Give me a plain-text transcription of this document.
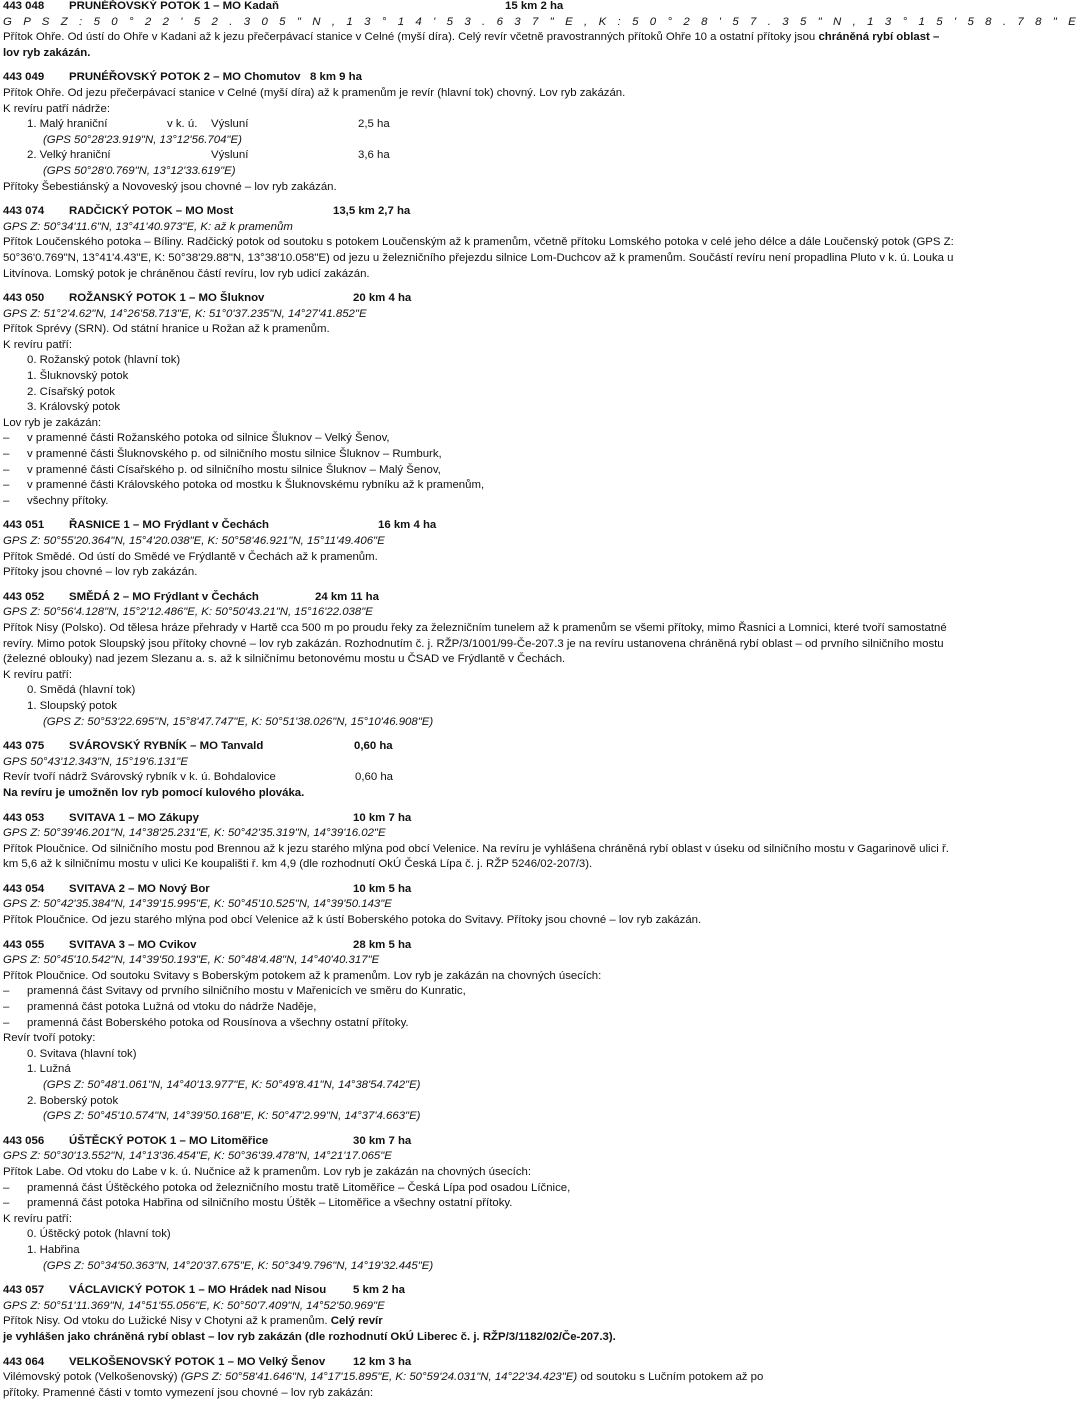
443 048 PRUNÉŘOVSKÝ POTOK 1 – MO Kadaň	15 km 2 ha
G P S Z : 5 0 ° 2 2 ' 5 2 . 3 0 5 " N , 1 3 ° 1 4 ' 5 3 . 6 3 7 " E , K : 5 0 ° 2 8 ' 5 7 . 3 5 " N , 1 3 ° 1 5 ' 5 8 . 7 8 " E
Přítok Ohře. Od ústí do Ohře v Kadani až k jezu přečerpávací stanice v Celné (myší díra). Celý revír včetně pravostranných přítoků Ohře 10 a ostatní přítoky jsou chráněná rybí oblast – lov ryb zakázán.
443 049 PRUNÉŘOVSKÝ POTOK 2 – MO Chomutov 8 km 9 ha
Přítok Ohře. Od jezu přečerpávací stanice v Celné (myší díra) až k pramenům je revír (hlavní tok) chovný. Lov ryb zakázán.
K revíru patří nádrže:
1. Malý hraniční	v k. ú. Výsluní	2,5 ha
(GPS 50°28'23.919"N, 13°12'56.704"E)
2. Velký hraniční	Výsluní	3,6 ha
(GPS 50°28'0.769"N, 13°12'33.619"E)
Přítoky Šebestiánský a Novoveský jsou chovné – lov ryb zakázán.
443 074 RADČICKÝ POTOK – MO Most	13,5 km 2,7 ha
GPS Z: 50°34'11.6"N, 13°41'40.973"E, K: až k pramenům
Přítok Loučenského potoka – Bíliny. Radčický potok od soutoku s potokem Loučenským až k pramenům, včetně přítoku Lomského potoka v celé jeho délce a dále Loučenský potok (GPS Z: 50°36'0.769"N, 13°41'4.43"E, K: 50°38'29.88"N, 13°38'10.058"E) od jezu u železničního přejezdu silnice Lom-Duchcov až k pramenům. Součástí revíru není propadlina Pluto v k. ú. Louka u Litvínova. Lomský potok je chráněnou částí revíru, lov ryb udicí zakázán.
443 050 ROŽANSKÝ POTOK 1 – MO Šluknov	20 km 4 ha
GPS Z: 51°2'4.62"N, 14°26'58.713"E, K: 51°0'37.235"N, 14°27'41.852"E
Přítok Sprévy (SRN). Od státní hranice u Rožan až k pramenům.
K revíru patří:
0. Rožanský potok (hlavní tok)
1. Šluknovský potok
2. Císařský potok
3. Královský potok
Lov ryb je zakázán:
– v pramenné části Rožanského potoka od silnice Šluknov – Velký Šenov,
– v pramenné části Šluknovského p. od silničního mostu silnice Šluknov – Rumburk,
– v pramenné části Císařského p. od silničního mostu silnice Šluknov – Malý Šenov,
– v pramenné části Královského potoka od mostku k Šluknovskému rybníku až k pramenům,
– všechny přítoky.
443 051 ŘASNICE 1 – MO Frýdlant v Čechách	16 km 4 ha
GPS Z: 50°55'20.364"N, 15°4'20.038"E, K: 50°58'46.921"N, 15°11'49.406"E
Přítok Smědé. Od ústí do Smědé ve Frýdlantě v Čechách až k pramenům.
Přítoky jsou chovné – lov ryb zakázán.
443 052 SMĚDÁ 2 – MO Frýdlant v Čechách	24 km 11 ha
GPS Z: 50°56'4.128"N, 15°2'12.486"E, K: 50°50'43.21"N, 15°16'22.038"E
Přítok Nisy (Polsko). Od tělesa hráze přehrady v Hartě cca 500 m po proudu řeky za železničním tunelem až k pramenům se všemi přítoky, mimo Řasnici a Lomnici, které tvoří samostatné revíry. Mimo potok Sloupský jsou přítoky chovné – lov ryb zakázán. Rozhodnutím č. j. RŽP/3/1001/99-Če-207.3 je na revíru ustanovena chráněná rybí oblast – od prvního silničního mostu (železné oblouky) nad jezem Slezanu a. s. až k silničnímu betonovému mostu u ČSAD ve Frýdlantě v Čechách.
K revíru patří:
0. Smědá (hlavní tok)
1. Sloupský potok
(GPS Z: 50°53'22.695"N, 15°8'47.747"E, K: 50°51'38.026"N, 15°10'46.908"E)
443 075 SVÁROVSKÝ RYBNÍK – MO Tanvald	0,60 ha
GPS 50°43'12.343"N, 15°19'6.131"E
Revír tvoří nádrž Svárovský rybník v k. ú. Bohdalovice	0,60 ha
Na revíru je umožněn lov ryb pomocí kulového plováka.
443 053 SVITAVA 1 – MO Zákupy	10 km 7 ha
GPS Z: 50°39'46.201"N, 14°38'25.231"E, K: 50°42'35.319"N, 14°39'16.02"E
Přítok Ploučnice. Od silničního mostu pod Brennou až k jezu starého mlýna pod obcí Velenice. Na revíru je vyhlášena chráněná rybí oblast v úseku od silničního mostu v Gagarinově ulici ř. km 5,6 až k silničnímu mostu v ulici Ke koupališti ř. km 4,9 (dle rozhodnutí OkÚ Česká Lípa č. j. RŽP 5246/02-207/3).
443 054 SVITAVA 2 – MO Nový Bor	10 km 5 ha
GPS Z: 50°42'35.384"N, 14°39'15.995"E, K: 50°45'10.525"N, 14°39'50.143"E
Přítok Ploučnice. Od jezu starého mlýna pod obcí Velenice až k ústí Boberského potoka do Svitavy. Přítoky jsou chovné – lov ryb zakázán.
443 055 SVITAVA 3 – MO Cvikov	28 km 5 ha
GPS Z: 50°45'10.542"N, 14°39'50.193"E, K: 50°48'4.48"N, 14°40'40.317"E
Přítok Ploučnice. Od soutoku Svitavy s Boberským potokem až k pramenům. Lov ryb je zakázán na chovných úsecích:
– pramenná část Svitavy od prvního silničního mostu v Mařenicích ve směru do Kunratic,
– pramenná část potoka Lužná od vtoku do nádrže Naděje,
– pramenná část Boberského potoka od Rousínova a všechny ostatní přítoky.
Revír tvoří potoky:
0. Svitava (hlavní tok)
1. Lužná
(GPS Z: 50°48'1.061"N, 14°40'13.977"E, K: 50°49'8.41"N, 14°38'54.742"E)
2. Boberský potok
(GPS Z: 50°45'10.574"N, 14°39'50.168"E, K: 50°47'2.99"N, 14°37'4.663"E)
443 056 ÚŠTĚCKÝ POTOK 1 – MO Litoměřice	30 km 7 ha
GPS Z: 50°30'13.552"N, 14°13'36.454"E, K: 50°36'39.478"N, 14°21'17.065"E
Přítok Labe. Od vtoku do Labe v k. ú. Nučnice až k pramenům. Lov ryb je zakázán na chovných úsecích:
– pramenná část Úštěckého potoka od železničního mostu tratě Litoměřice – Česká Lípa pod osadou Líčnice,
– pramenná část potoka Habřina od silničního mostu Úštěk – Litoměřice a všechny ostatní přítoky.
K revíru patří:
0. Úštěcký potok (hlavní tok)
1. Habřina
(GPS Z: 50°34'50.363"N, 14°20'37.675"E, K: 50°34'9.796"N, 14°19'32.445"E)
443 057 VÁCLAVICKÝ POTOK 1 – MO Hrádek nad Nisou 5 km 2 ha
GPS Z: 50°51'11.369"N, 14°51'55.056"E, K: 50°50'7.409"N, 14°52'50.969"E
Přítok Nisy. Od vtoku do Lužické Nisy v Chotyni až k pramenům. Celý revír
je vyhlášen jako chráněná rybí oblast – lov ryb zakázán (dle rozhodnutí OkÚ Liberec č. j. RŽP/3/1182/02/Če-207.3).
443 064 VELKOŠENOVSKÝ POTOK 1 – MO Velký Šenov 12 km 3 ha
Vilémovský potok (Velkošenovský) (GPS Z: 50°58'41.646"N, 14°17'15.895"E, K: 50°59'24.031"N, 14°22'34.423"E) od soutoku s Lučním potokem až po
přítoky. Pramenné části v tomto vymezení jsou chovné – lov ryb zakázán:
